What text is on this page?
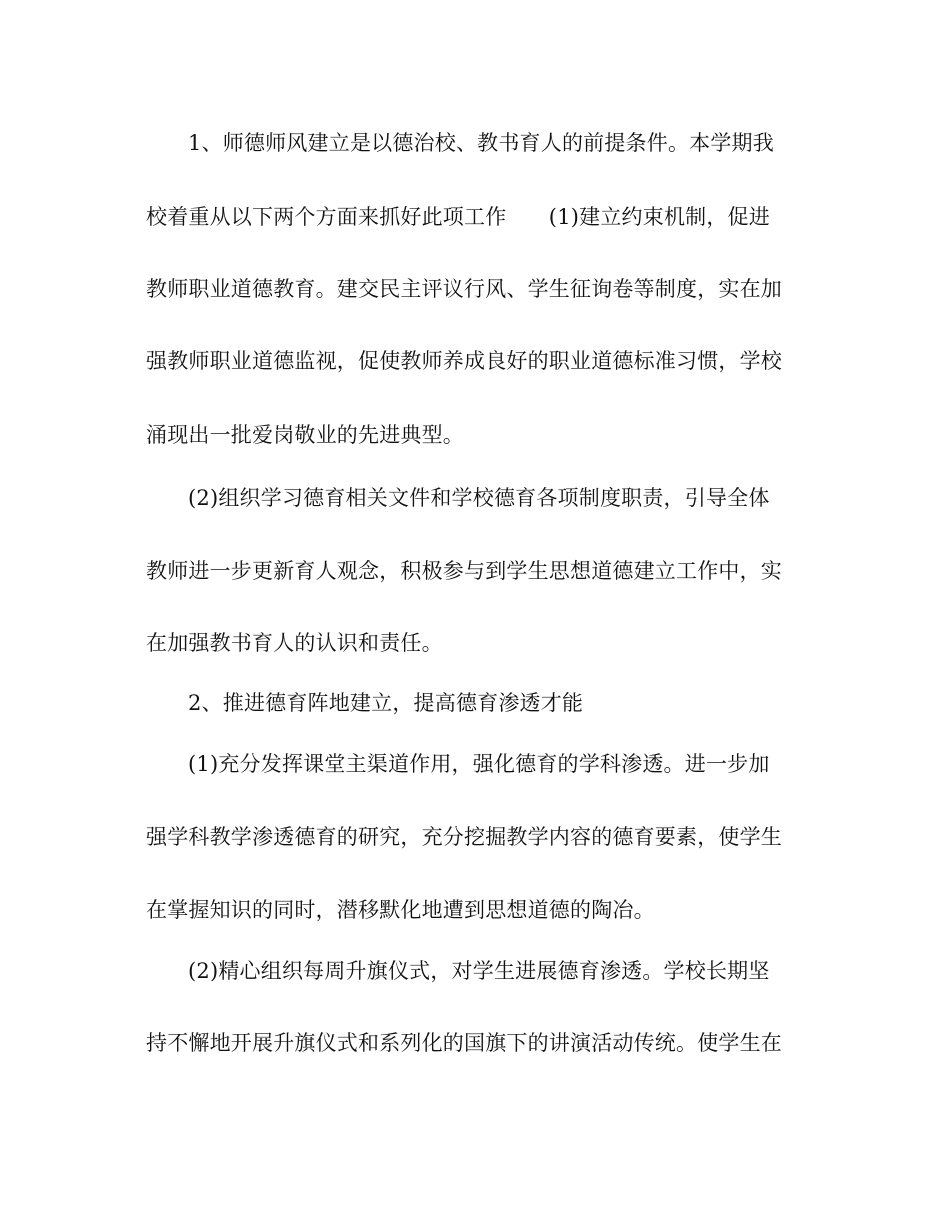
1、师德师风建立是以德治校、教书育人的前提条件。本学期我
校着重从以下两个方面来抓好此项工作　　(1)建立约束机制，促进
教师职业道德教育。建交民主评议行风、学生征询卷等制度，实在加
强教师职业道德监视，促使教师养成良好的职业道德标准习惯，学校
涌现出一批爱岗敬业的先进典型。
(2)组织学习德育相关文件和学校德育各项制度职责，引导全体
教师进一步更新育人观念，积极参与到学生思想道德建立工作中，实
在加强教书育人的认识和责任。
2、推进德育阵地建立，提高德育渗透才能
(1)充分发挥课堂主渠道作用，强化德育的学科渗透。进一步加
强学科教学渗透德育的研究，充分挖掘教学内容的德育要素，使学生
在掌握知识的同时，潜移默化地遭到思想道德的陶冶。
(2)精心组织每周升旗仪式，对学生进展德育渗透。学校长期坚
持不懈地开展升旗仪式和系列化的国旗下的讲演活动传统。使学生在
